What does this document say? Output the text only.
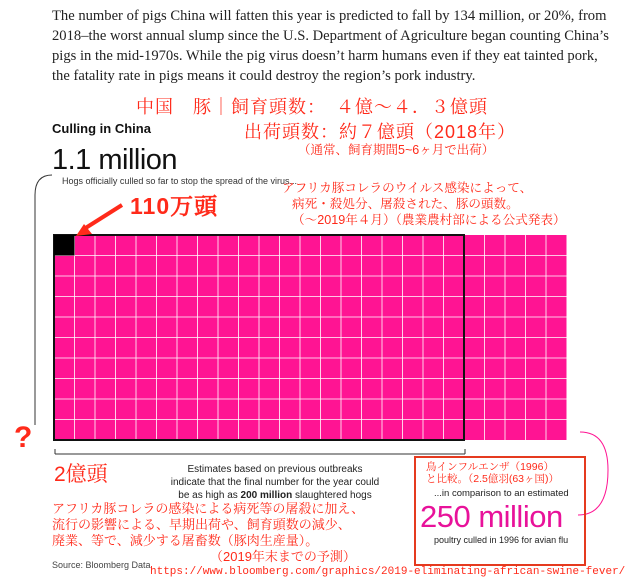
The number of pigs China will fatten this year is predicted to fall by 134 million, or 20%, from 2018–the worst annual slump since the U.S. Department of Agriculture began counting China’s pigs in the mid-1970s. While the pig virus doesn’t harm humans even if they eat tainted pork, the fatality rate in pigs means it could destroy the region’s pork industry.
中国　豚｜飼育頭数：　４億〜４．３億頭
出荷頭数：約７億頭（2018年）
（通常、飼育期間5~6ヶ月で出荷）
Culling in China
1.1 million
Hogs officially culled so far to stop the spread of the virus...
アフリカ豚コレラのウイルス感染によって、
病死・殺処分、屠殺された、豚の頭数。
（〜2019年４月）（農業農村部による公式発表）
110万頭
?
2億頭	Estimates based on previous outbreaks
indicate that the final number for the year could
be as high as 200 million slaughtered hogs
鳥インフルエンザ（1996）
と比較。（2.5億羽(63ヶ国)）
...in comparison to an estimated
250 million
poultry culled in 1996 for avian flu
アフリカ豚コレラの感染による病死等の屠殺に加え、
流行の影響による、早期出荷や、飼育頭数の減少、
廃業、等で、減少する屠畜数（豚肉生産量）。
（2019年末までの予測）
Source: Bloomberg Data
https://www.bloomberg.com/graphics/2019-eliminating-african-swine-fever/
